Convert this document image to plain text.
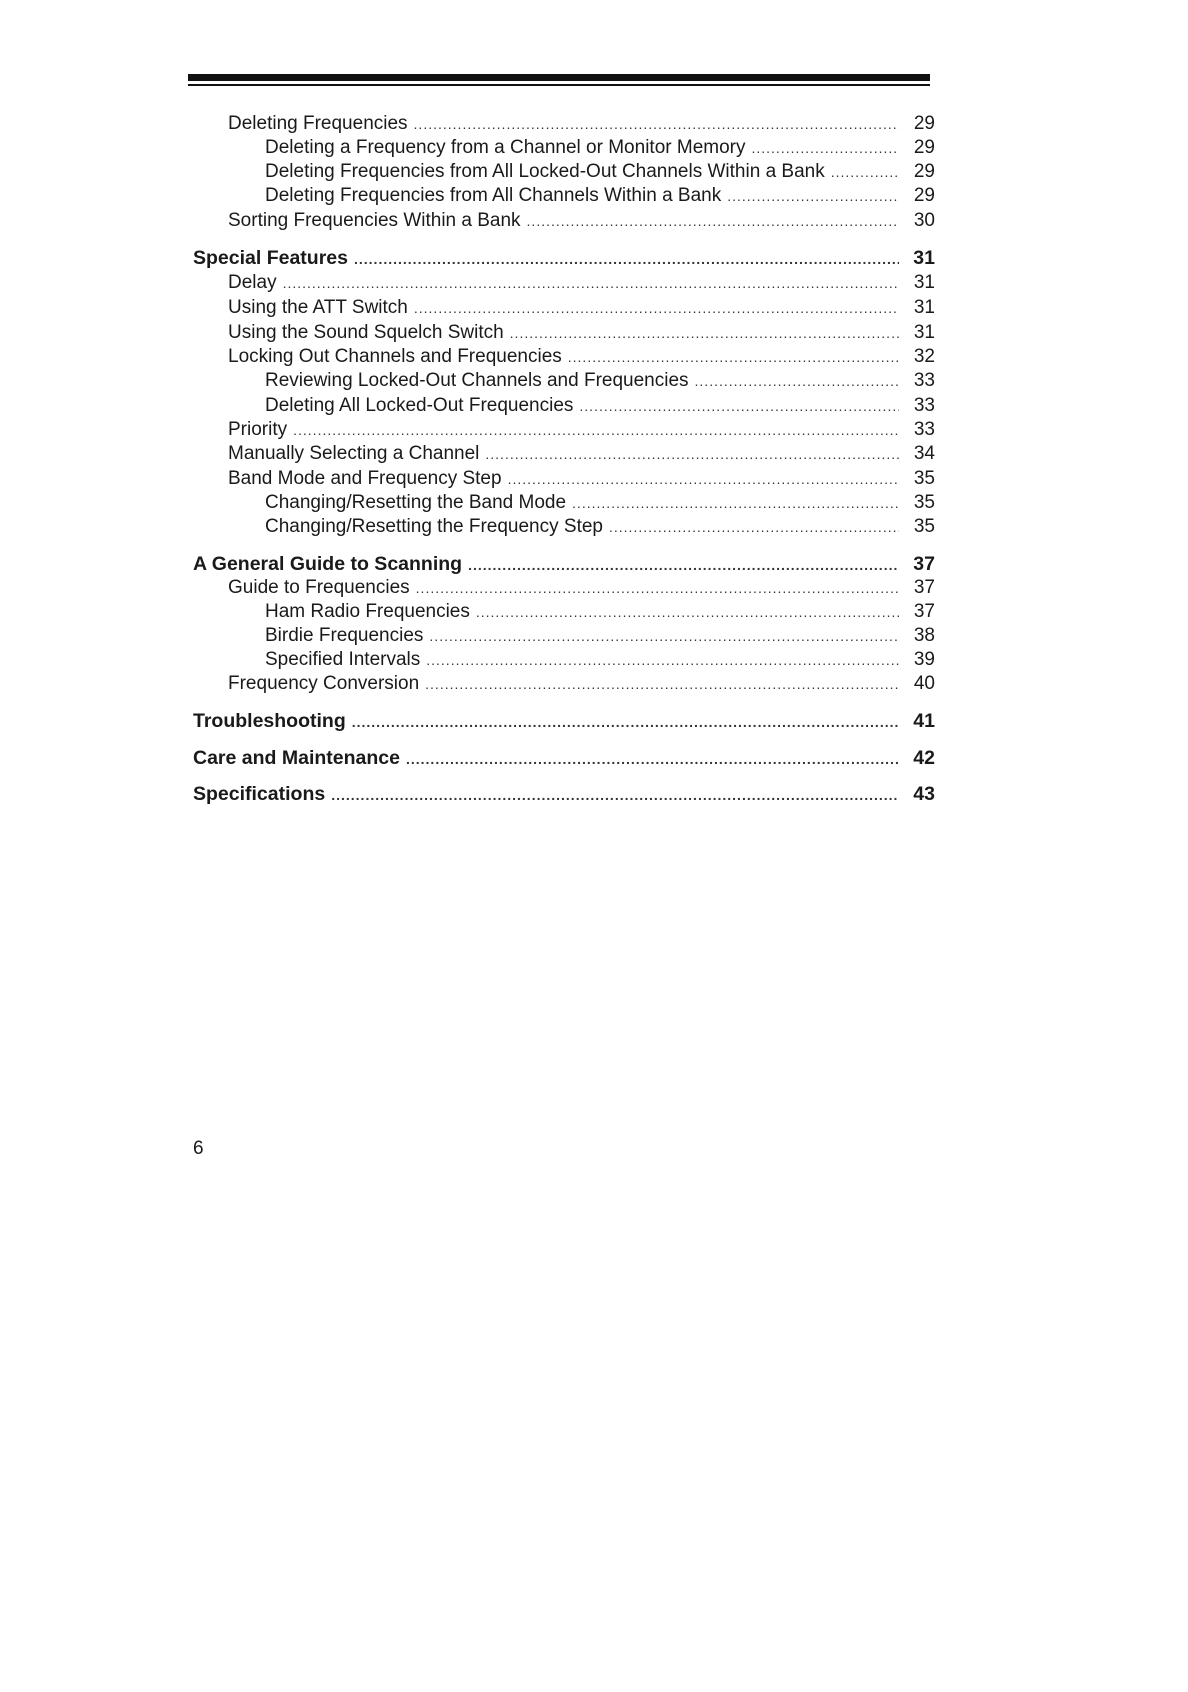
Deleting Frequencies .....	29
Deleting a Frequency from a Channel or Monitor Memory .....	29
Deleting Frequencies from All Locked-Out Channels Within a Bank .....	29
Deleting Frequencies from All Channels Within a Bank .....	29
Sorting Frequencies Within a Bank .....	30
Special Features .....	31
Delay .....	31
Using the ATT Switch .....	31
Using the Sound Squelch Switch .....	31
Locking Out Channels and Frequencies .....	32
Reviewing Locked-Out Channels and Frequencies .....	33
Deleting All Locked-Out Frequencies .....	33
Priority .....	33
Manually Selecting a Channel .....	34
Band Mode and Frequency Step .....	35
Changing/Resetting the Band Mode .....	35
Changing/Resetting the Frequency Step .....	35
A General Guide to Scanning .....	37
Guide to Frequencies .....	37
Ham Radio Frequencies .....	37
Birdie Frequencies .....	38
Specified Intervals .....	39
Frequency Conversion .....	40
Troubleshooting .....	41
Care and Maintenance .....	42
Specifications .....	43
6
